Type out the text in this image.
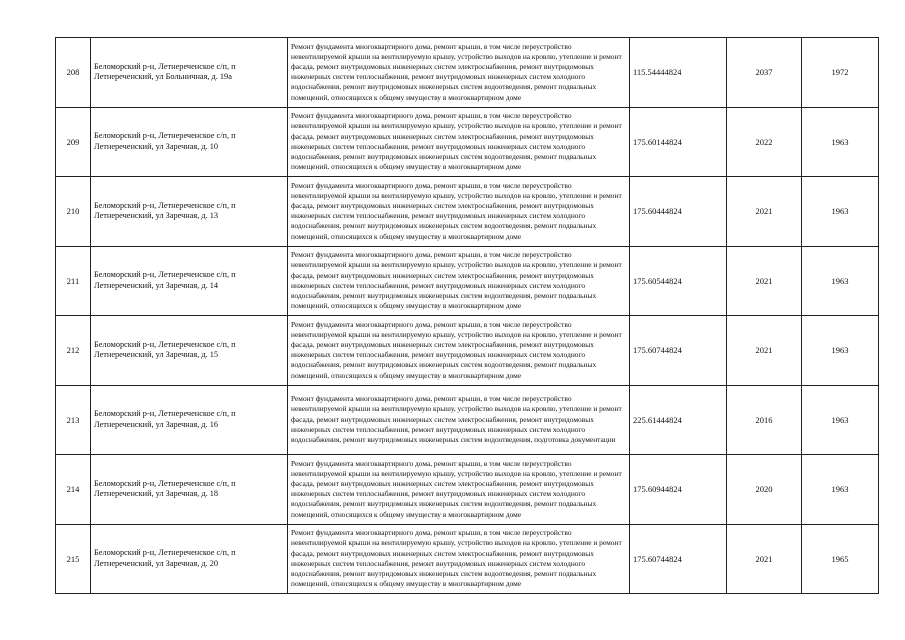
208	Беломорский р-н, Летнереченское с/п, п Летнереченский, ул Больничная, д. 19а	Ремонт фундамента многоквартирного дома, ремонт крыши, в том числе переустройство невентилируемой крыши на вентилируемую крышу, устройство выходов на кровлю, утепление и ремонт фасада, ремонт внутридомовых инженерных систем электроснабжения, ремонт внутридомовых инженерных систем теплоснабжения, ремонт внутридомовых инженерных систем холодного водоснабжения, ремонт внутридомовых инженерных систем водоотведения, ремонт подвальных помещений, относящихся к общему имуществу в многоквартирном доме	115.54444824	2037	1972
209	Беломорский р-н, Летнереченское с/п, п Летнереченский, ул Заречная, д. 10	Ремонт фундамента многоквартирного дома, ремонт крыши, в том числе переустройство невентилируемой крыши на вентилируемую крышу, устройство выходов на кровлю, утепление и ремонт фасада, ремонт внутридомовых инженерных систем электроснабжения, ремонт внутридомовых инженерных систем теплоснабжения, ремонт внутридомовых инженерных систем холодного водоснабжения, ремонт внутридомовых инженерных систем водоотведения, ремонт подвальных помещений, относящихся к общему имуществу в многоквартирном доме	175.60144824	2022	1963
210	Беломорский р-н, Летнереченское с/п, п Летнереченский, ул Заречная, д. 13	Ремонт фундамента многоквартирного дома, ремонт крыши, в том числе переустройство невентилируемой крыши на вентилируемую крышу, устройство выходов на кровлю, утепление и ремонт фасада, ремонт внутридомовых инженерных систем электроснабжения, ремонт внутридомовых инженерных систем теплоснабжения, ремонт внутридомовых инженерных систем холодного водоснабжения, ремонт внутридомовых инженерных систем водоотведения, ремонт подвальных помещений, относящихся к общему имуществу в многоквартирном доме	175.60444824	2021	1963
211	Беломорский р-н, Летнереченское с/п, п Летнереченский, ул Заречная, д. 14	Ремонт фундамента многоквартирного дома, ремонт крыши, в том числе переустройство невентилируемой крыши на вентилируемую крышу, устройство выходов на кровлю, утепление и ремонт фасада, ремонт внутридомовых инженерных систем электроснабжения, ремонт внутридомовых инженерных систем теплоснабжения, ремонт внутридомовых инженерных систем холодного водоснабжения, ремонт внутридомовых инженерных систем водоотведения, ремонт подвальных помещений, относящихся к общему имуществу в многоквартирном доме	175.60544824	2021	1963
212	Беломорский р-н, Летнереченское с/п, п Летнереченский, ул Заречная, д. 15	Ремонт фундамента многоквартирного дома, ремонт крыши, в том числе переустройство невентилируемой крыши на вентилируемую крышу, устройство выходов на кровлю, утепление и ремонт фасада, ремонт внутридомовых инженерных систем электроснабжения, ремонт внутридомовых инженерных систем теплоснабжения, ремонт внутридомовых инженерных систем холодного водоснабжения, ремонт внутридомовых инженерных систем водоотведения, ремонт подвальных помещений, относящихся к общему имуществу в многоквартирном доме	175.60744824	2021	1963
213	Беломорский р-н, Летнереченское с/п, п Летнереченский, ул Заречная, д. 16	Ремонт фундамента многоквартирного дома, ремонт крыши, в том числе переустройство невентилируемой крыши на вентилируемую крышу, устройство выходов на кровлю, утепление и ремонт фасада, ремонт внутридомовых инженерных систем электроснабжения, ремонт внутридомовых инженерных систем теплоснабжения, ремонт внутридомовых инженерных систем холодного водоснабжения, ремонт внутридомовых инженерных систем водоотведения, подготовка документации	225.61444824	2016	1963
214	Беломорский р-н, Летнереченское с/п, п Летнереченский, ул Заречная, д. 18	Ремонт фундамента многоквартирного дома, ремонт крыши, в том числе переустройство невентилируемой крыши на вентилируемую крышу, устройство выходов на кровлю, утепление и ремонт фасада, ремонт внутридомовых инженерных систем электроснабжения, ремонт внутридомовых инженерных систем теплоснабжения, ремонт внутридомовых инженерных систем холодного водоснабжения, ремонт внутридомовых инженерных систем водоотведения, ремонт подвальных помещений, относящихся к общему имуществу в многоквартирном доме	175.60944824	2020	1963
215	Беломорский р-н, Летнереченское с/п, п Летнереченский, ул Заречная, д. 20	Ремонт фундамента многоквартирного дома, ремонт крыши, в том числе переустройство невентилируемой крыши на вентилируемую крышу, устройство выходов на кровлю, утепление и ремонт фасада, ремонт внутридомовых инженерных систем электроснабжения, ремонт внутридомовых инженерных систем теплоснабжения, ремонт внутридомовых инженерных систем холодного водоснабжения, ремонт внутридомовых инженерных систем водоотведения, ремонт подвальных помещений, относящихся к общему имуществу в многоквартирном доме	175.60744824	2021	1965
